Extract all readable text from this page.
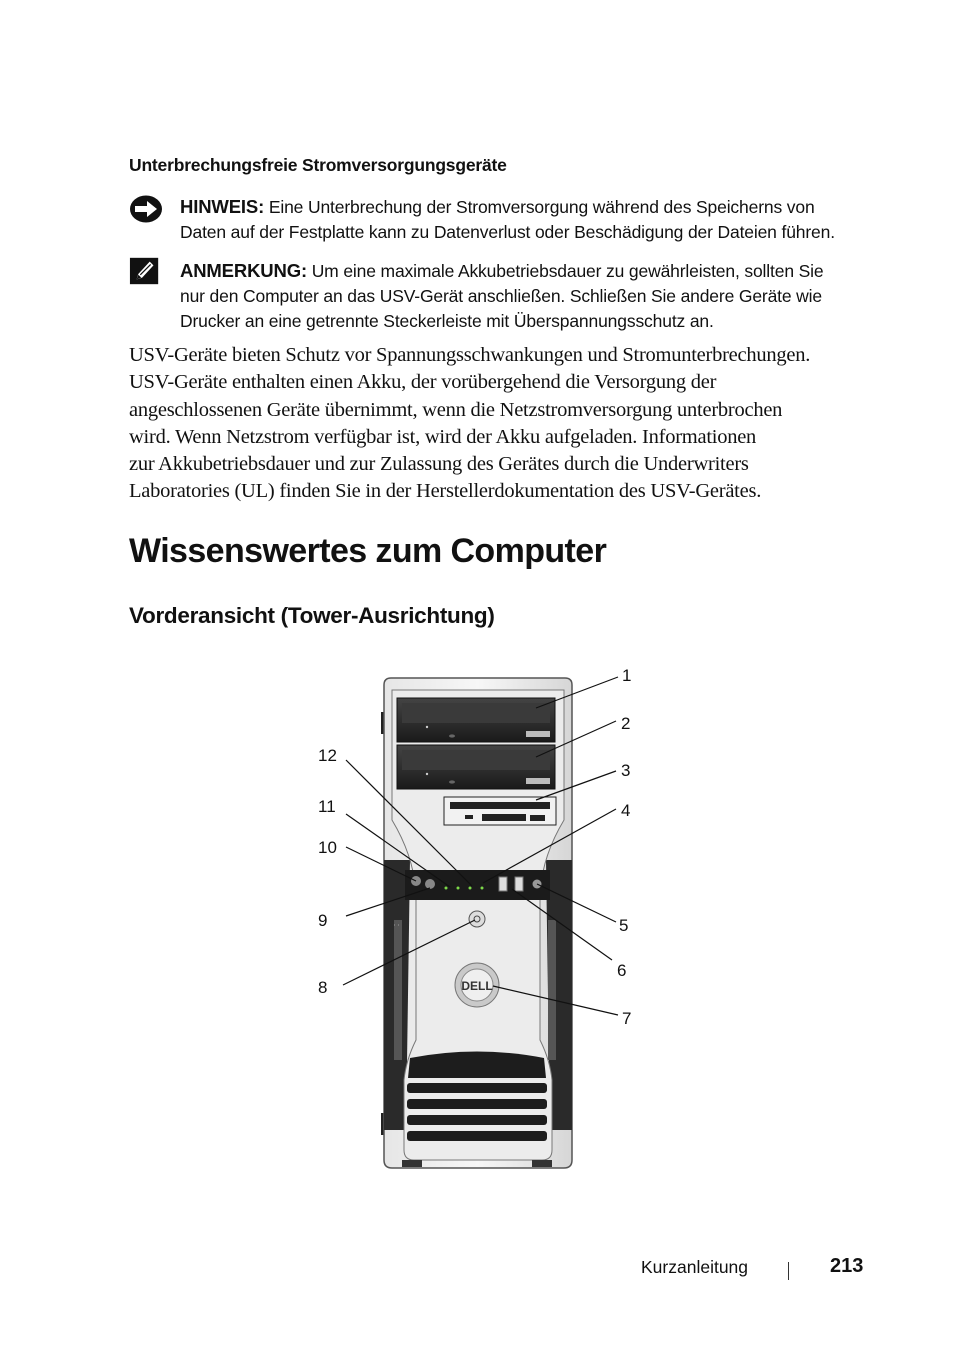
Unterbrechungsfreie Stromversorgungsgeräte
HINWEIS: Eine Unterbrechung der Stromversorgung während des Speicherns von
Daten auf der Festplatte kann zu Datenverlust oder Beschädigung der Dateien führen.
ANMERKUNG: Um eine maximale Akkubetriebsdauer zu gewährleisten, sollten Sie
nur den Computer an das USV-Gerät anschließen. Schließen Sie andere Geräte wie
Drucker an eine getrennte Steckerleiste mit Überspannungsschutz an.
USV-Geräte bieten Schutz vor Spannungsschwankungen und Stromunterbrechungen.
USV-Geräte enthalten einen Akku, der vorübergehend die Versorgung der
angeschlossenen Geräte übernimmt, wenn die Netzstromversorgung unterbrochen
wird. Wenn Netzstrom verfügbar ist, wird der Akku aufgeladen. Informationen
zur Akkubetriebsdauer und zur Zulassung des Gerätes durch die Underwriters
Laboratories (UL) finden Sie in der Herstellerdokumentation des USV-Gerätes.
Wissenswertes zum Computer
Vorderansicht (Tower-Ausrichtung)
DELL
1
2
3
4
5
6
7
8
9
10
11
12
Kurzanleitung	213
